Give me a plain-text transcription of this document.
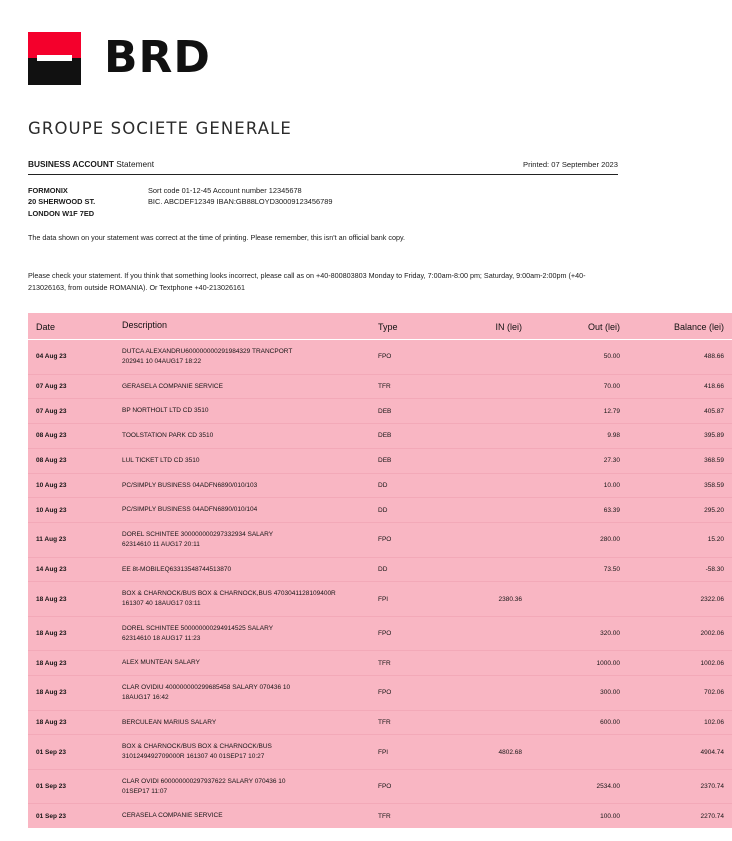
BRD
GROUPE SOCIETE GENERALE
BUSINESS ACCOUNT Statement	Printed: 07 September 2023
FORMONIX
20 SHERWOOD ST.
LONDON W1F 7ED
Sort code 01-12-45 Account number 12345678
BIC. ABCDEF12349 IBAN:GB88LOYD30009123456789
The data shown on your statement was correct at the time of printing. Please remember, this isn't an official bank copy.
Please check your statement. If you think that something looks incorrect, please call as on +40-800803803 Monday to Friday, 7:00am-8:00 pm; Saturday, 9:00am-2:00pm (+40-213026163, from outside ROMANIA). Or Textphone +40-213026161
Date	Description	Type	IN (lei)	Out (lei)	Balance (lei)
04 Aug 23	DUTCA ALEXANDRU600000000291984329 TRANCPORT
202941 10 04AUG17 18:22	FPO		50.00	488.66
07 Aug 23	GERASELA COMPANIE SERVICE	TFR		70.00	418.66
07 Aug 23	BP NORTHOLT LTD CD 3510	DEB		12.79	405.87
08 Aug 23	TOOLSTATION PARK CD 3510	DEB		9.98	395.89
08 Aug 23	LUL TICKET LTD CD 3510	DEB		27.30	368.59
10 Aug 23	PC/SIMPLY BUSINESS 04ADFN6890/010/103	DD		10.00	358.59
10 Aug 23	PC/SIMPLY BUSINESS 04ADFN6890/010/104	DD		63.39	295.20
11 Aug 23	DOREL SCHINTEE 300000000297332934 SALARY
62314610 11 AUG17 20:11	FPO		280.00	15.20
14 Aug 23	EE 8t-MOBILEQ63313548744513870	DD		73.50	-58.30
18 Aug 23	BOX & CHARNOCK/BUS BOX & CHARNOCK,BUS 4703041128109400R
161307 40 18AUG17 03:11	FPI	2380.36		2322.06
18 Aug 23	DOREL SCHINTEE 500000000294914525 SALARY
62314610 18 AUG17 11:23	FPO		320.00	2002.06
18 Aug 23	ALEX MUNTEAN SALARY	TFR		1000.00	1002.06
18 Aug 23	CLAR OVIDIU 400000000299685458 SALARY 070436 10
18AUG17 16:42	FPO		300.00	702.06
18 Aug 23	BERCULEAN MARIUS SALARY	TFR		600.00	102.06
01 Sep 23	BOX & CHARNOCK/BUS BOX & CHARNOCK/BUS
3101249492709000R 161307 40 01SEP17 10:27	FPI	4802.68		4904.74
01 Sep 23	CLAR OVIDI 600000000297937622 SALARY 070436 10
01SEP17 11:07	FPO		2534.00	2370.74
01 Sep 23	CERASELA COMPANIE SERVICE	TFR		100.00	2270.74
